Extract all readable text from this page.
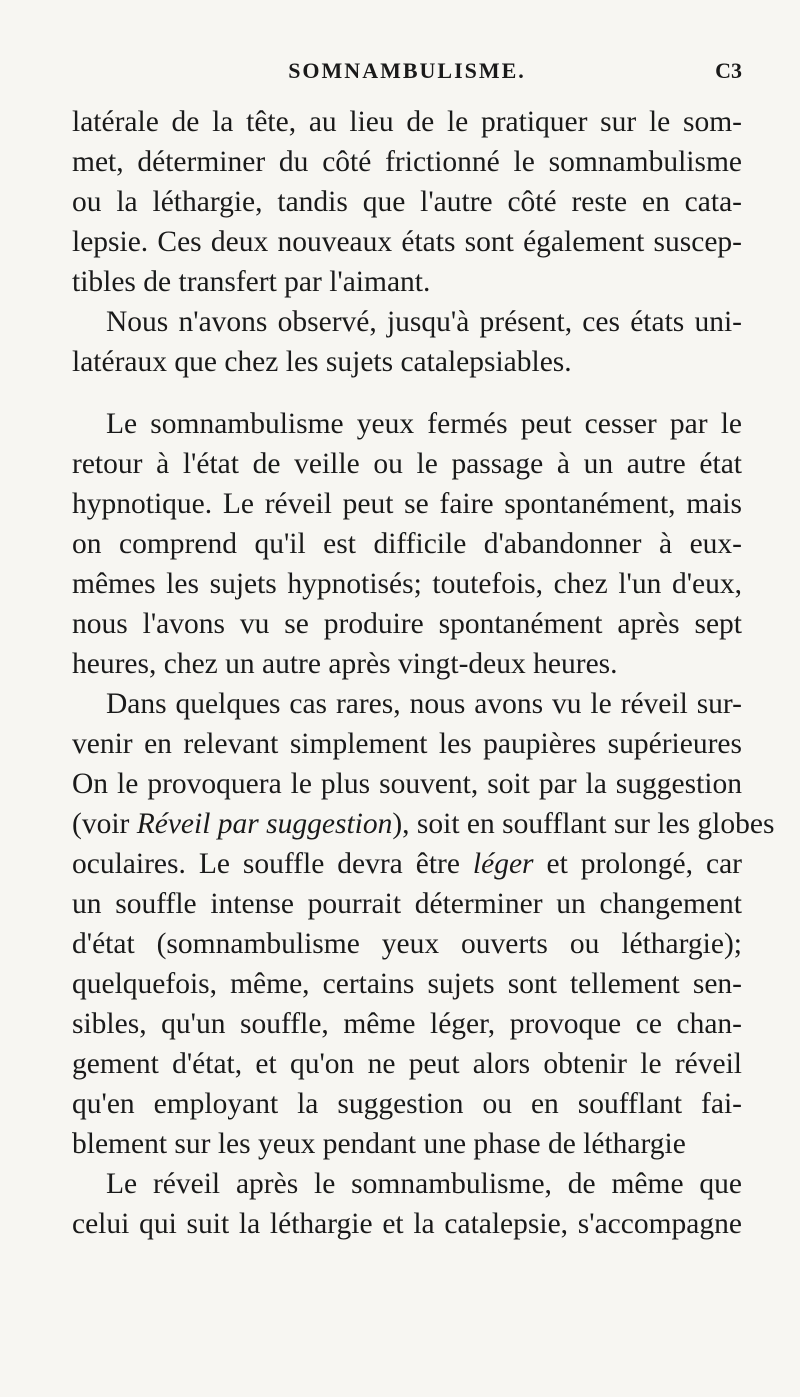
SOMNAMBULISME.	C3
latérale de la tête, au lieu de le pratiquer sur le som-
met, déterminer du côté frictionné le somnambulisme
ou la léthargie, tandis que l'autre côté reste en cata-
lepsie. Ces deux nouveaux états sont également suscep-
tibles de transfert par l'aimant.
Nous n'avons observé, jusqu'à présent, ces états uni-
latéraux que chez les sujets catalepsiables.
Le somnambulisme yeux fermés peut cesser par le
retour à l'état de veille ou le passage à un autre état
hypnotique. Le réveil peut se faire spontanément, mais
on comprend qu'il est difficile d'abandonner à eux-
mêmes les sujets hypnotisés; toutefois, chez l'un d'eux,
nous l'avons vu se produire spontanément après sept
heures, chez un autre après vingt-deux heures.
Dans quelques cas rares, nous avons vu le réveil sur-
venir en relevant simplement les paupières supérieures
On le provoquera le plus souvent, soit par la suggestion
(voir Réveil par suggestion), soit en soufflant sur les globes
oculaires. Le souffle devra être léger et prolongé, car
un souffle intense pourrait déterminer un changement
d'état (somnambulisme yeux ouverts ou léthargie);
quelquefois, même, certains sujets sont tellement sen-
sibles, qu'un souffle, même léger, provoque ce chan-
gement d'état, et qu'on ne peut alors obtenir le réveil
qu'en employant la suggestion ou en soufflant fai-
blement sur les yeux pendant une phase de léthargie
Le réveil après le somnambulisme, de même que
celui qui suit la léthargie et la catalepsie, s'accompagne
